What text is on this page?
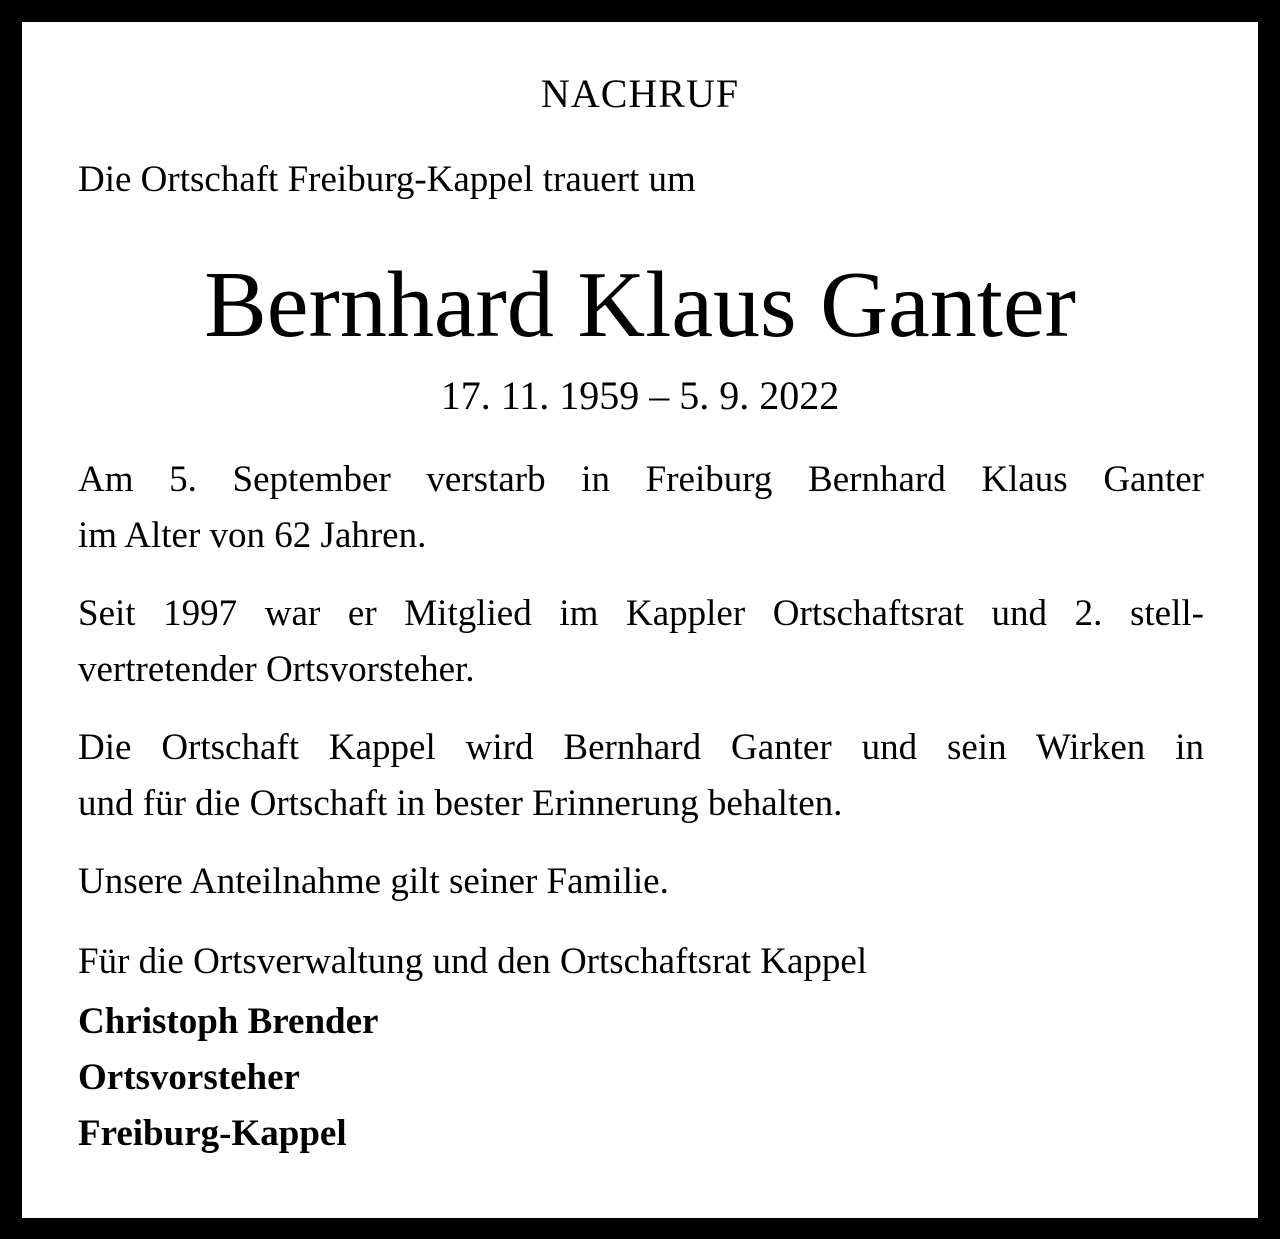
NACHRUF
Die Ortschaft Freiburg-Kappel trauert um
Bernhard Klaus Ganter
17. 11. 1959 – 5. 9. 2022
Am 5. September verstarb in Freiburg Bernhard Klaus Ganter
im Alter von 62 Jahren.
Seit 1997 war er Mitglied im Kappler Ortschaftsrat und 2. stell-
vertretender Ortsvorsteher.
Die Ortschaft Kappel wird Bernhard Ganter und sein Wirken in
und für die Ortschaft in bester Erinnerung behalten.
Unsere Anteilnahme gilt seiner Familie.
Für die Ortsverwaltung und den Ortschaftsrat Kappel
Christoph Brender
Ortsvorsteher
Freiburg-Kappel
